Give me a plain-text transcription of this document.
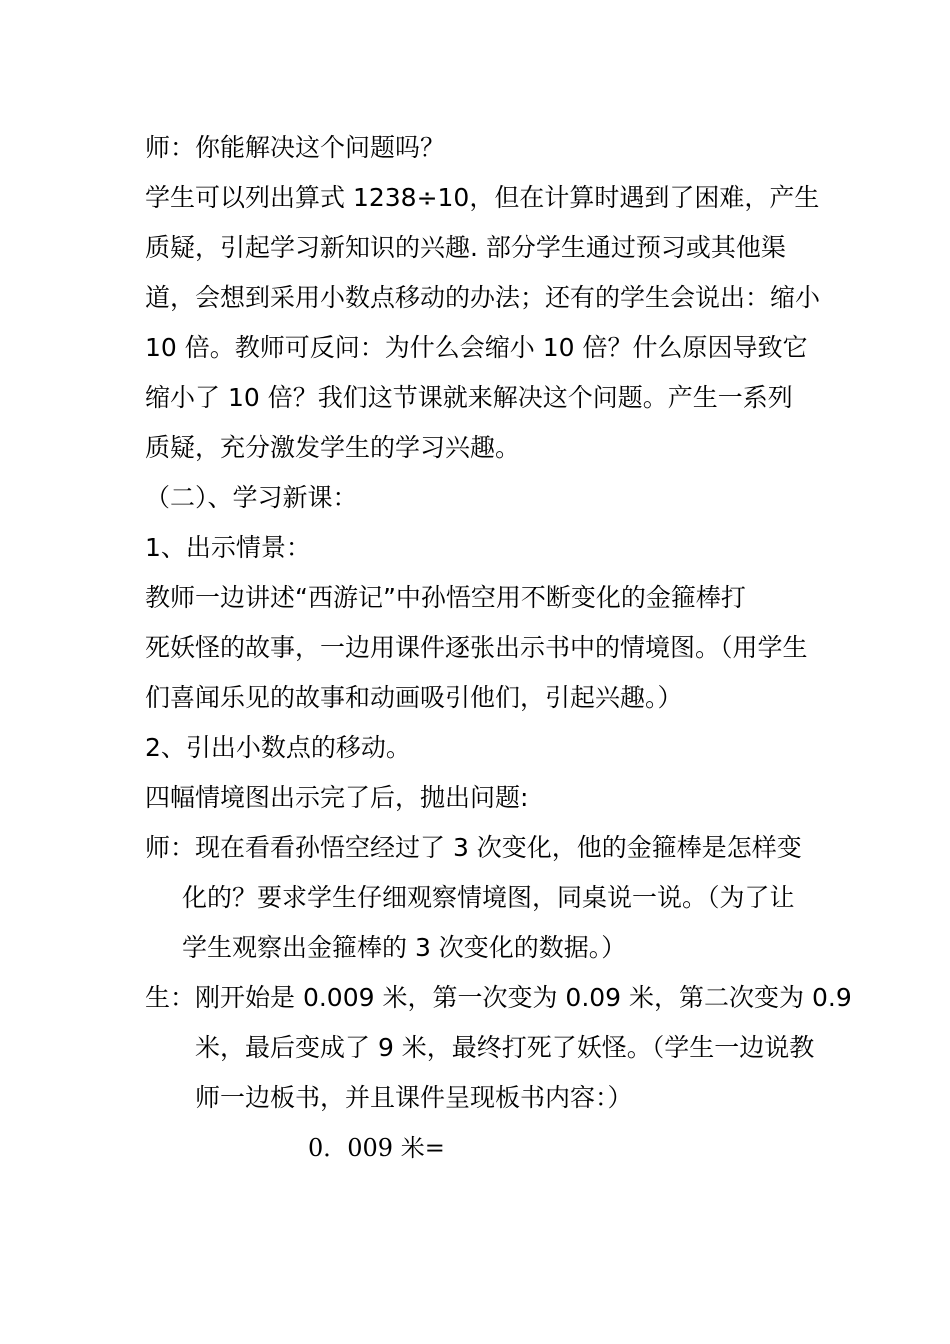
师：你能解决这个问题吗？
学生可以列出算式 1238÷10，但在计算时遇到了困难，产生
质疑，引起学习新知识的兴趣. 部分学生通过预习或其他渠
道，会想到采用小数点移动的办法；还有的学生会说出：缩小
10 倍。教师可反问：为什么会缩小 10 倍？什么原因导致它
缩小了 10 倍？我们这节课就来解决这个问题。产生一系列
质疑，充分激发学生的学习兴趣。
（二）、学习新课：
1、出示情景：
教师一边讲述“西游记”中孙悟空用不断变化的金箍棒打
死妖怪的故事，一边用课件逐张出示书中的情境图。（用学生
们喜闻乐见的故事和动画吸引他们，引起兴趣。）
2、引出小数点的移动。
四幅情境图出示完了后，抛出问题:
师：现在看看孙悟空经过了 3 次变化，他的金箍棒是怎样变
化的？要求学生仔细观察情境图，同桌说一说。（为了让
学生观察出金箍棒的 3 次变化的数据。）
生：刚开始是 0.009 米，第一次变为 0.09 米，第二次变为 0.9
米，最后变成了 9 米，最终打死了妖怪。（学生一边说教
师一边板书，并且课件呈现板书内容：）
0．009 米=
